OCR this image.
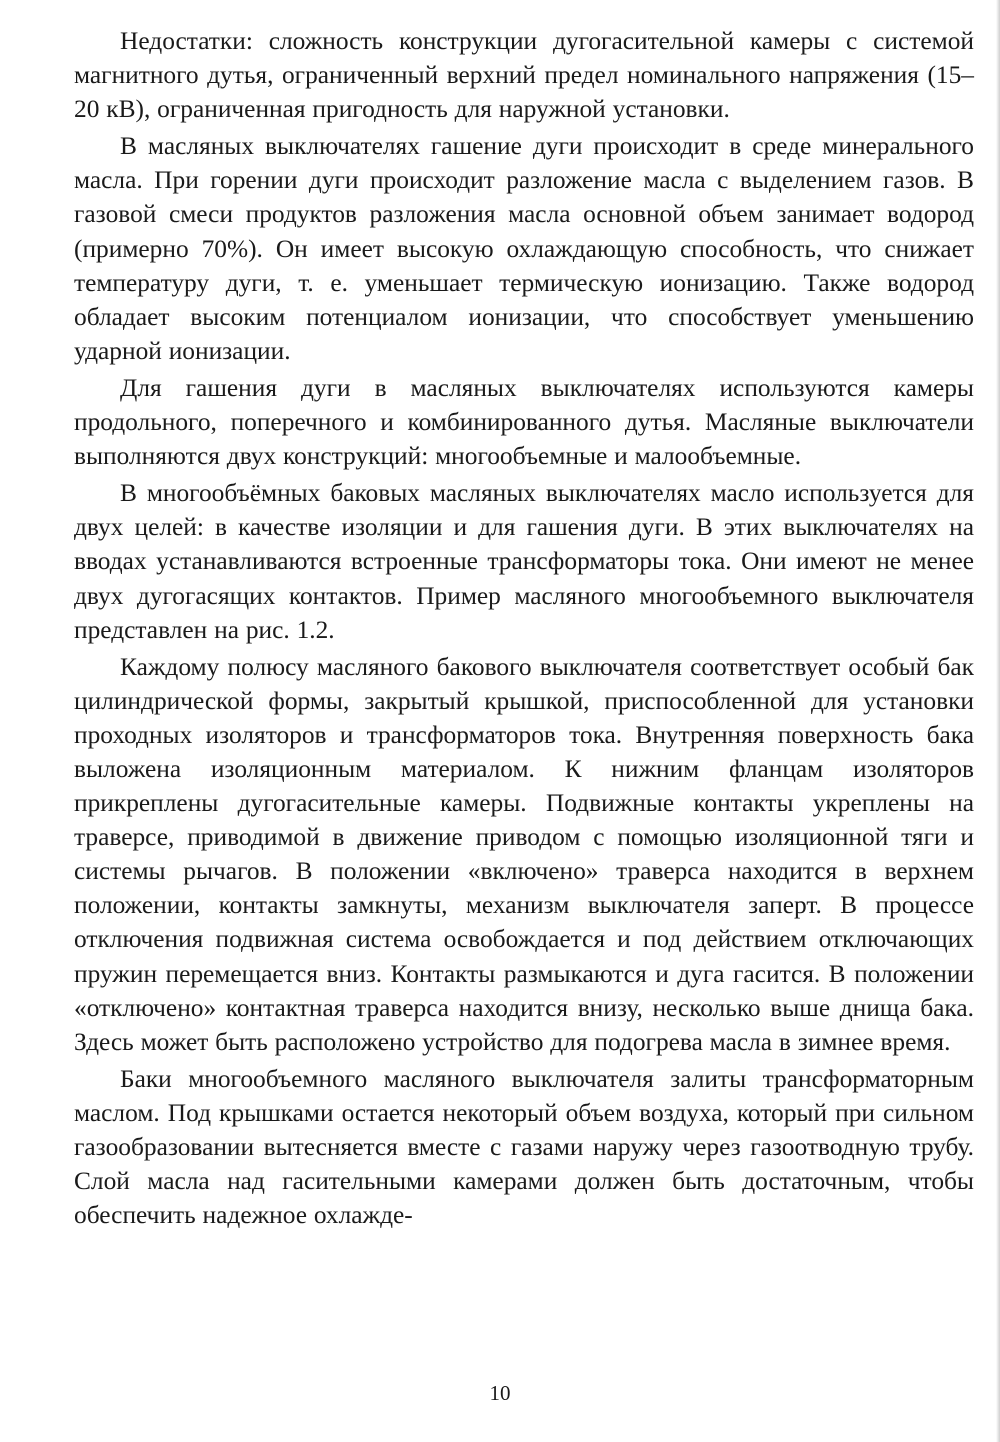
Недостатки: сложность конструкции дугогасительной камеры с системой магнитного дутья, ограниченный верхний предел номинального напряжения (15–20 кВ), ограниченная пригодность для наружной установки.

В масляных выключателях гашение дуги происходит в среде минерального масла. При горении дуги происходит разложение масла с выделением газов. В газовой смеси продуктов разложения масла основной объем занимает водород (примерно 70%). Он имеет высокую охлаждающую способность, что снижает температуру дуги, т. е. уменьшает термическую ионизацию. Также водород обладает высоким потенциалом ионизации, что способствует уменьшению ударной ионизации.

Для гашения дуги в масляных выключателях используются камеры продольного, поперечного и комбинированного дутья. Масляные выключатели выполняются двух конструкций: многообъемные и малообъемные.

В многообъёмных баковых масляных выключателях масло используется для двух целей: в качестве изоляции и для гашения дуги. В этих выключателях на вводах устанавливаются встроенные трансформаторы тока. Они имеют не менее двух дугогасящих контактов. Пример масляного многообъемного выключателя представлен на рис. 1.2.

Каждому полюсу масляного бакового выключателя соответствует особый бак цилиндрической формы, закрытый крышкой, приспособленной для установки проходных изоляторов и трансформаторов тока. Внутренняя поверхность бака выложена изоляционным материалом. К нижним фланцам изоляторов прикреплены дугогасительные камеры. Подвижные контакты укреплены на траверсе, приводимой в движение приводом с помощью изоляционной тяги и системы рычагов. В положении «включено» траверса находится в верхнем положении, контакты замкнуты, механизм выключателя заперт. В процессе отключения подвижная система освобождается и под действием отключающих пружин перемещается вниз. Контакты размыкаются и дуга гасится. В положении «отключено» контактная траверса находится внизу, несколько выше днища бака. Здесь может быть расположено устройство для подогрева масла в зимнее время.

Баки многообъемного масляного выключателя залиты трансформаторным маслом. Под крышками остается некоторый объем воздуха, который при сильном газообразовании вытесняется вместе с газами наружу через газоотводную трубу. Слой масла над гасительными камерами должен быть достаточным, чтобы обеспечить надежное охлажде-

10
